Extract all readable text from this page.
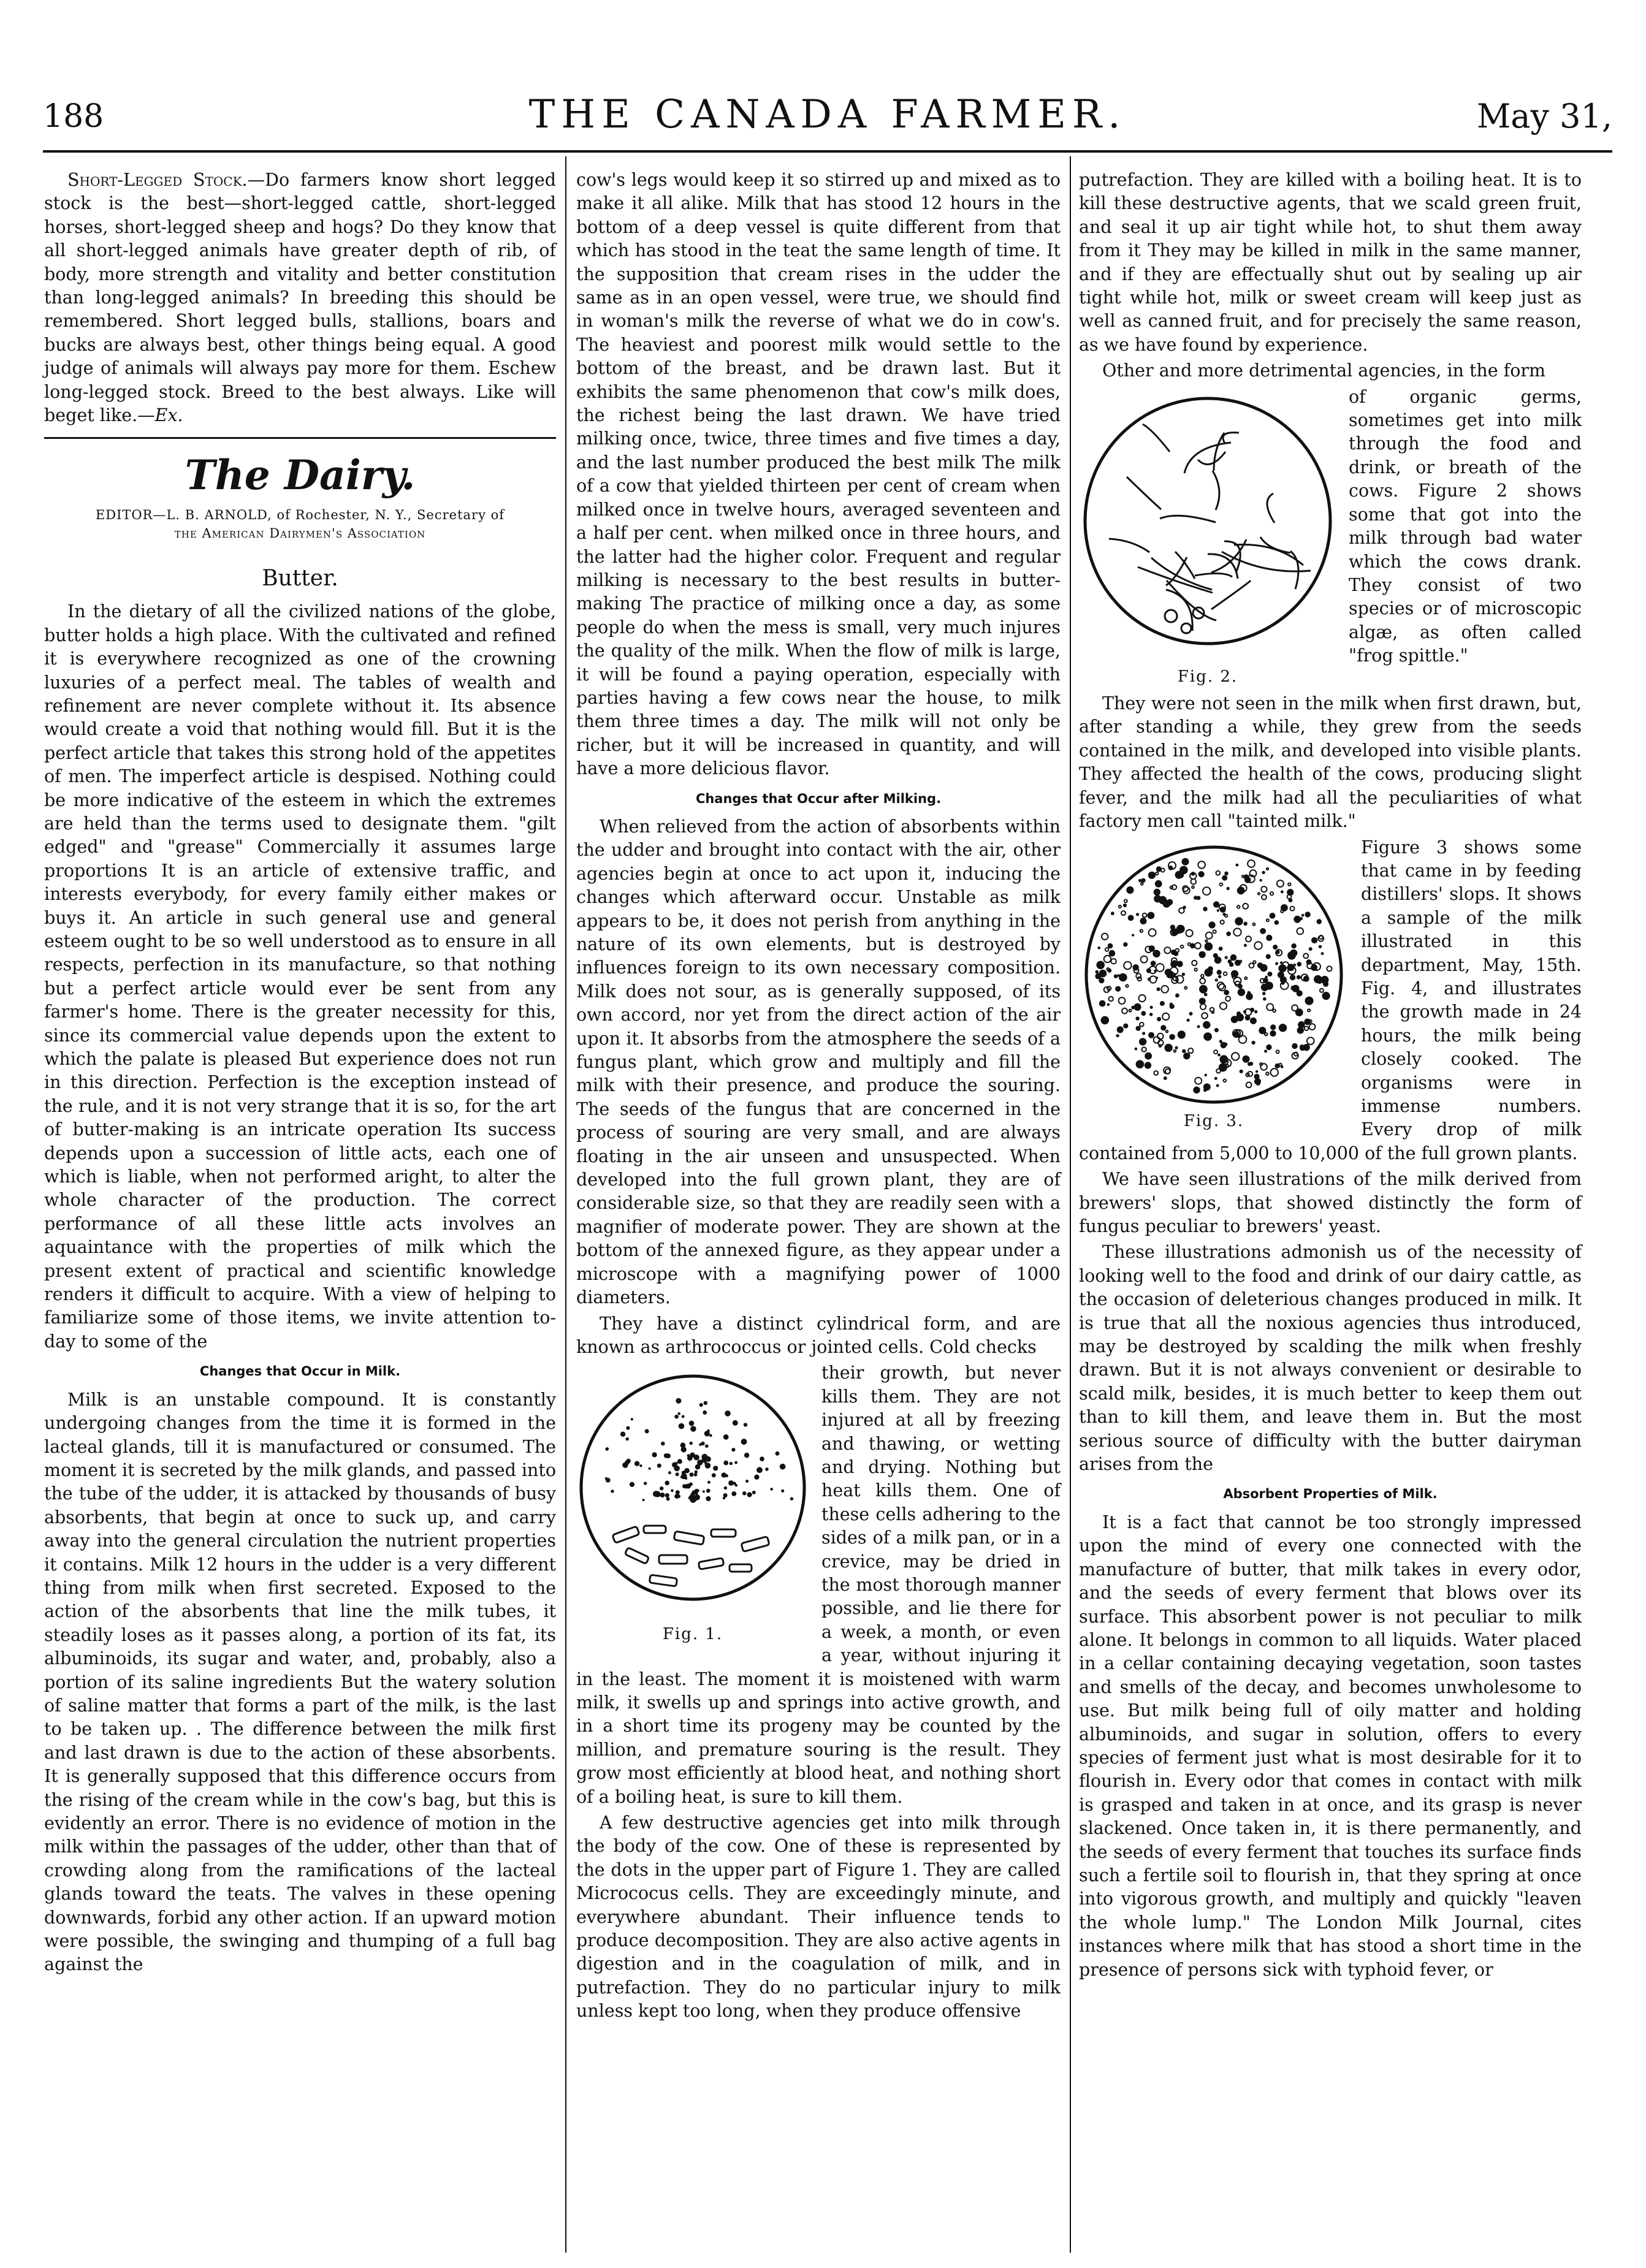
188	THE CANADA FARMER.	May 31,

Short-Legged Stock.—Do farmers know short legged stock is the best—short-legged cattle, short-legged horses, short-legged sheep and hogs? Do they know that all short-legged animals have greater depth of rib, of body, more strength and vitality and better constitution than long-legged animals? In breeding this should be remembered. Short legged bulls, stallions, boars and bucks are always best, other things being equal. A good judge of animals will always pay more for them. Eschew long-legged stock. Breed to the best always. Like will beget like.—Ex.

The Dairy.
EDITOR—L. B. ARNOLD, of Rochester, N. Y., Secretary of
the American Dairymen's Association
Butter.

In the dietary of all the civilized nations of the globe, butter holds a high place. With the cultivated and refined it is everywhere recognized as one of the crowning luxuries of a perfect meal. The tables of wealth and refinement are never complete without it. Its absence would create a void that nothing would fill. But it is the perfect article that takes this strong hold of the appetites of men. The imperfect article is despised. Nothing could be more indicative of the esteem in which the extremes are held than the terms used to designate them. "gilt edged" and "grease" Commercially it assumes large proportions It is an article of extensive traffic, and interests everybody, for every family either makes or buys it. An article in such general use and general esteem ought to be so well understood as to ensure in all respects, perfection in its manufacture, so that nothing but a perfect article would ever be sent from any farmer's home. There is the greater necessity for this, since its commercial value depends upon the extent to which the palate is pleased But experience does not run in this direction. Perfection is the exception instead of the rule, and it is not very strange that it is so, for the art of butter-making is an intricate operation Its success depends upon a succession of little acts, each one of which is liable, when not performed aright, to alter the whole character of the production. The correct performance of all these little acts involves an aquaintance with the properties of milk which the present extent of practical and scientific knowledge renders it difficult to acquire. With a view of helping to familiarize some of those items, we invite attention to-day to some of the

Changes that Occur in Milk.

Milk is an unstable compound. It is constantly undergoing changes from the time it is formed in the lacteal glands, till it is manufactured or consumed. The moment it is secreted by the milk glands, and passed into the tube of the udder, it is attacked by thousands of busy absorbents, that begin at once to suck up, and carry away into the general circulation the nutrient properties it contains. Milk 12 hours in the udder is a very different thing from milk when first secreted. Exposed to the action of the absorbents that line the milk tubes, it steadily loses as it passes along, a portion of its fat, its albuminoids, its sugar and water, and, probably, also a portion of its saline ingredients But the watery solution of saline matter that forms a part of the milk, is the last to be taken up. . The difference between the milk first and last drawn is due to the action of these absorbents. It is generally supposed that this difference occurs from the rising of the cream while in the cow's bag, but this is evidently an error. There is no evidence of motion in the milk within the passages of the udder, other than that of crowding along from the ramifications of the lacteal glands toward the teats. The valves in these opening downwards, forbid any other action. If an upward motion were possible, the swinging and thumping of a full bag against the

cow's legs would keep it so stirred up and mixed as to make it all alike. Milk that has stood 12 hours in the bottom of a deep vessel is quite different from that which has stood in the teat the same length of time. It the supposition that cream rises in the udder the same as in an open vessel, were true, we should find in woman's milk the reverse of what we do in cow's. The heaviest and poorest milk would settle to the bottom of the breast, and be drawn last. But it exhibits the same phenomenon that cow's milk does, the richest being the last drawn. We have tried milking once, twice, three times and five times a day, and the last number produced the best milk The milk of a cow that yielded thirteen per cent of cream when milked once in twelve hours, averaged seventeen and a half per cent. when milked once in three hours, and the latter had the higher color. Frequent and regular milking is necessary to the best results in butter-making The practice of milking once a day, as some people do when the mess is small, very much injures the quality of the milk. When the flow of milk is large, it will be found a paying operation, especially with parties having a few cows near the house, to milk them three times a day. The milk will not only be richer, but it will be increased in quantity, and will have a more delicious flavor.

Changes that Occur after Milking.

When relieved from the action of absorbents within the udder and brought into contact with the air, other agencies begin at once to act upon it, inducing the changes which afterward occur. Unstable as milk appears to be, it does not perish from anything in the nature of its own elements, but is destroyed by influences foreign to its own necessary composition. Milk does not sour, as is generally supposed, of its own accord, nor yet from the direct action of the air upon it. It absorbs from the atmosphere the seeds of a fungus plant, which grow and multiply and fill the milk with their presence, and produce the souring. The seeds of the fungus that are concerned in the process of souring are very small, and are always floating in the air unseen and unsuspected. When developed into the full grown plant, they are of considerable size, so that they are readily seen with a magnifier of moderate power. They are shown at the bottom of the annexed figure, as they appear under a microscope with a magnifying power of 1000 diameters.

They have a distinct cylindrical form, and are known as arthrococcus or jointed cells. Cold checks

Fig. 1.

their growth, but never kills them. They are not injured at all by freezing and thawing, or wetting and drying. Nothing but heat kills them. One of these cells adhering to the sides of a milk pan, or in a crevice, may be dried in the most thorough manner possible, and lie there for a week, a month, or even a year, without injuring it in the least. The moment it is moistened with warm milk, it swells up and springs into active growth, and in a short time its progeny may be counted by the million, and premature souring is the result. They grow most efficiently at blood heat, and nothing short of a boiling heat, is sure to kill them.

A few destructive agencies get into milk through the body of the cow. One of these is represented by the dots in the upper part of Figure 1. They are called Micrococus cells. They are exceedingly minute, and everywhere abundant. Their influence tends to produce decomposition. They are also active agents in digestion and in the coagulation of milk, and in putrefaction. They do no particular injury to milk unless kept too long, when they produce offensive

putrefaction. They are killed with a boiling heat. It is to kill these destructive agents, that we scald green fruit, and seal it up air tight while hot, to shut them away from it They may be killed in milk in the same manner, and if they are effectually shut out by sealing up air tight while hot, milk or sweet cream will keep just as well as canned fruit, and for precisely the same reason, as we have found by experience.

Other and more detrimental agencies, in the form

Fig. 2.

of organic germs, sometimes get into milk through the food and drink, or breath of the cows. Figure 2 shows some that got into the milk through bad water which the cows drank. They consist of two species or of microscopic algæ, as often called "frog spittle."

They were not seen in the milk when first drawn, but, after standing a while, they grew from the seeds contained in the milk, and developed into visible plants. They affected the health of the cows, producing slight fever, and the milk had all the peculiarities of what factory men call "tainted milk."

Fig. 3.

Figure 3 shows some that came in by feeding distillers' slops. It shows a sample of the milk illustrated in this department, May, 15th. Fig. 4, and illustrates the growth made in 24 hours, the milk being closely cooked. The organisms were in immense numbers. Every drop of milk contained from 5,000 to 10,000 of the full grown plants.

We have seen illustrations of the milk derived from brewers' slops, that showed distinctly the form of fungus peculiar to brewers' yeast.

These illustrations admonish us of the necessity of looking well to the food and drink of our dairy cattle, as the occasion of deleterious changes produced in milk. It is true that all the noxious agencies thus introduced, may be destroyed by scalding the milk when freshly drawn. But it is not always convenient or desirable to scald milk, besides, it is much better to keep them out than to kill them, and leave them in. But the most serious source of difficulty with the butter dairyman arises from the

Absorbent Properties of Milk.

It is a fact that cannot be too strongly impressed upon the mind of every one connected with the manufacture of butter, that milk takes in every odor, and the seeds of every ferment that blows over its surface. This absorbent power is not peculiar to milk alone. It belongs in common to all liquids. Water placed in a cellar containing decaying vegetation, soon tastes and smells of the decay, and becomes unwholesome to use. But milk being full of oily matter and holding albuminoids, and sugar in solution, offers to every species of ferment just what is most desirable for it to flourish in. Every odor that comes in contact with milk is grasped and taken in at once, and its grasp is never slackened. Once taken in, it is there permanently, and the seeds of every ferment that touches its surface finds such a fertile soil to flourish in, that they spring at once into vigorous growth, and multiply and quickly "leaven the whole lump." The London Milk Journal, cites instances where milk that has stood a short time in the presence of persons sick with typhoid fever, or
